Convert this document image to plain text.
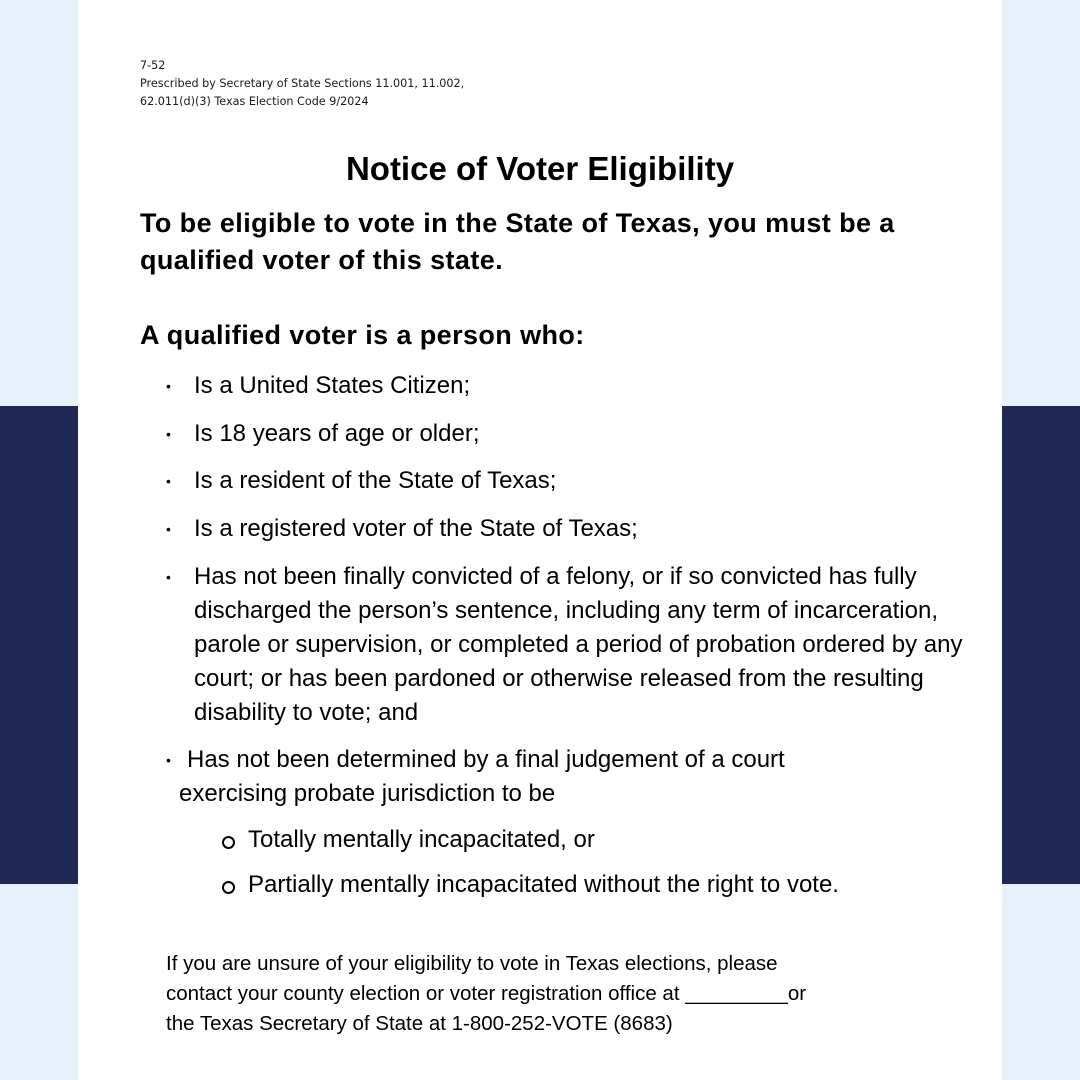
7-52
Prescribed by Secretary of State Sections 11.001, 11.002,
62.011(d)(3) Texas Election Code 9/2024
Notice of Voter Eligibility

To be eligible to vote in the State of Texas, you must be a qualified voter of this state.

A qualified voter is a person who:
• Is a United States Citizen;
• Is 18 years of age or older;
• Is a resident of the State of Texas;
• Is a registered voter of the State of Texas;
• Has not been finally convicted of a felony, or if so convicted has fully discharged the person’s sentence, including any term of incarceration, parole or supervision, or completed a period of probation ordered by any court; or has been pardoned or otherwise released from the resulting disability to vote; and
• Has not been determined by a final judgement of a court exercising probate jurisdiction to be
Totally mentally incapacitated, or
Partially mentally incapacitated without the right to vote.
If you are unsure of your eligibility to vote in Texas elections, please
contact your county election or voter registration office at _________or
the Texas Secretary of State at 1-800-252-VOTE (8683)
